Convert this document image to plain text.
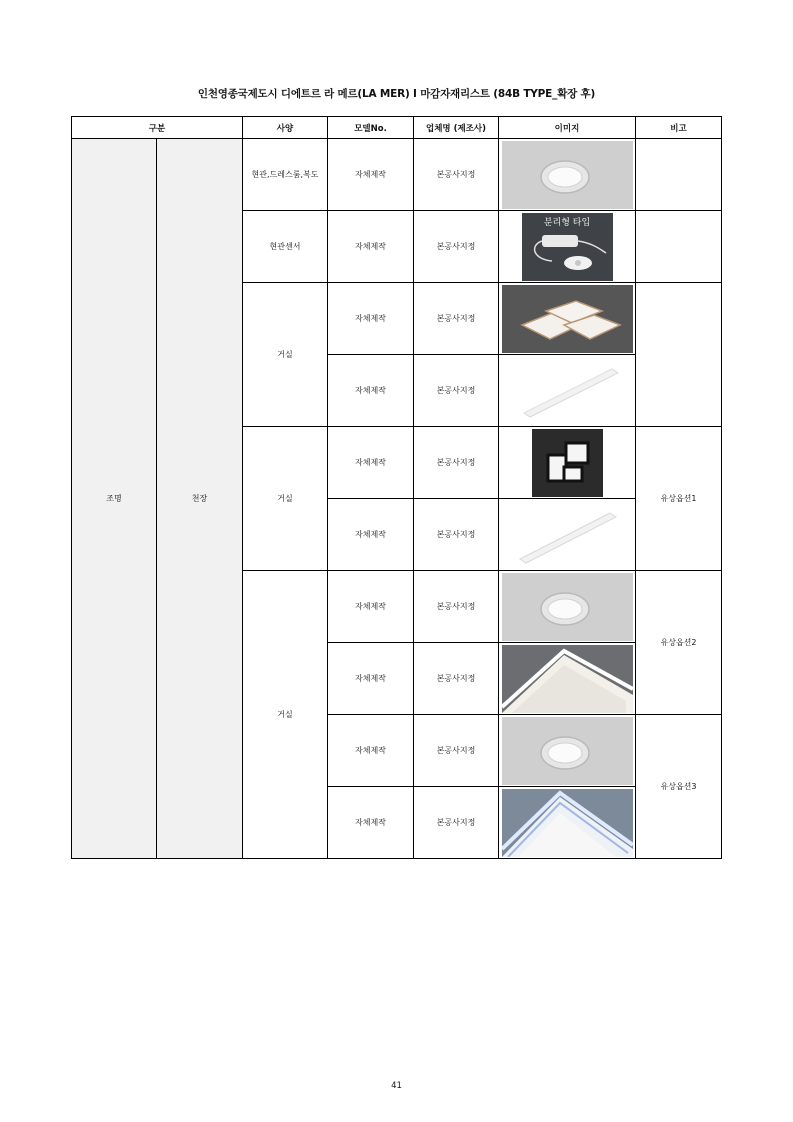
인천영종국제도시 디에트르 라 메르(LA MER) Ⅰ 마감자재리스트 (84B TYPE_확장 후)
구분		사양	모델No.	업체명 (제조사)	이미지	비고
조명	천장	현관,드레스룸,복도	자체제작	본공사지정	

		현관센서	자체제작	본공사지정	분리형 타입	

		거실	자체제작	본공사지정	

			자체제작	본공사지정	

		거실	자체제작	본공사지정		유상옵션1
			자체제작	본공사지정	

		거실	자체제작	본공사지정		유상옵션2
			자체제작	본공사지정	

			자체제작	본공사지정		유상옵션3
			자체제작	본공사지정	
41
